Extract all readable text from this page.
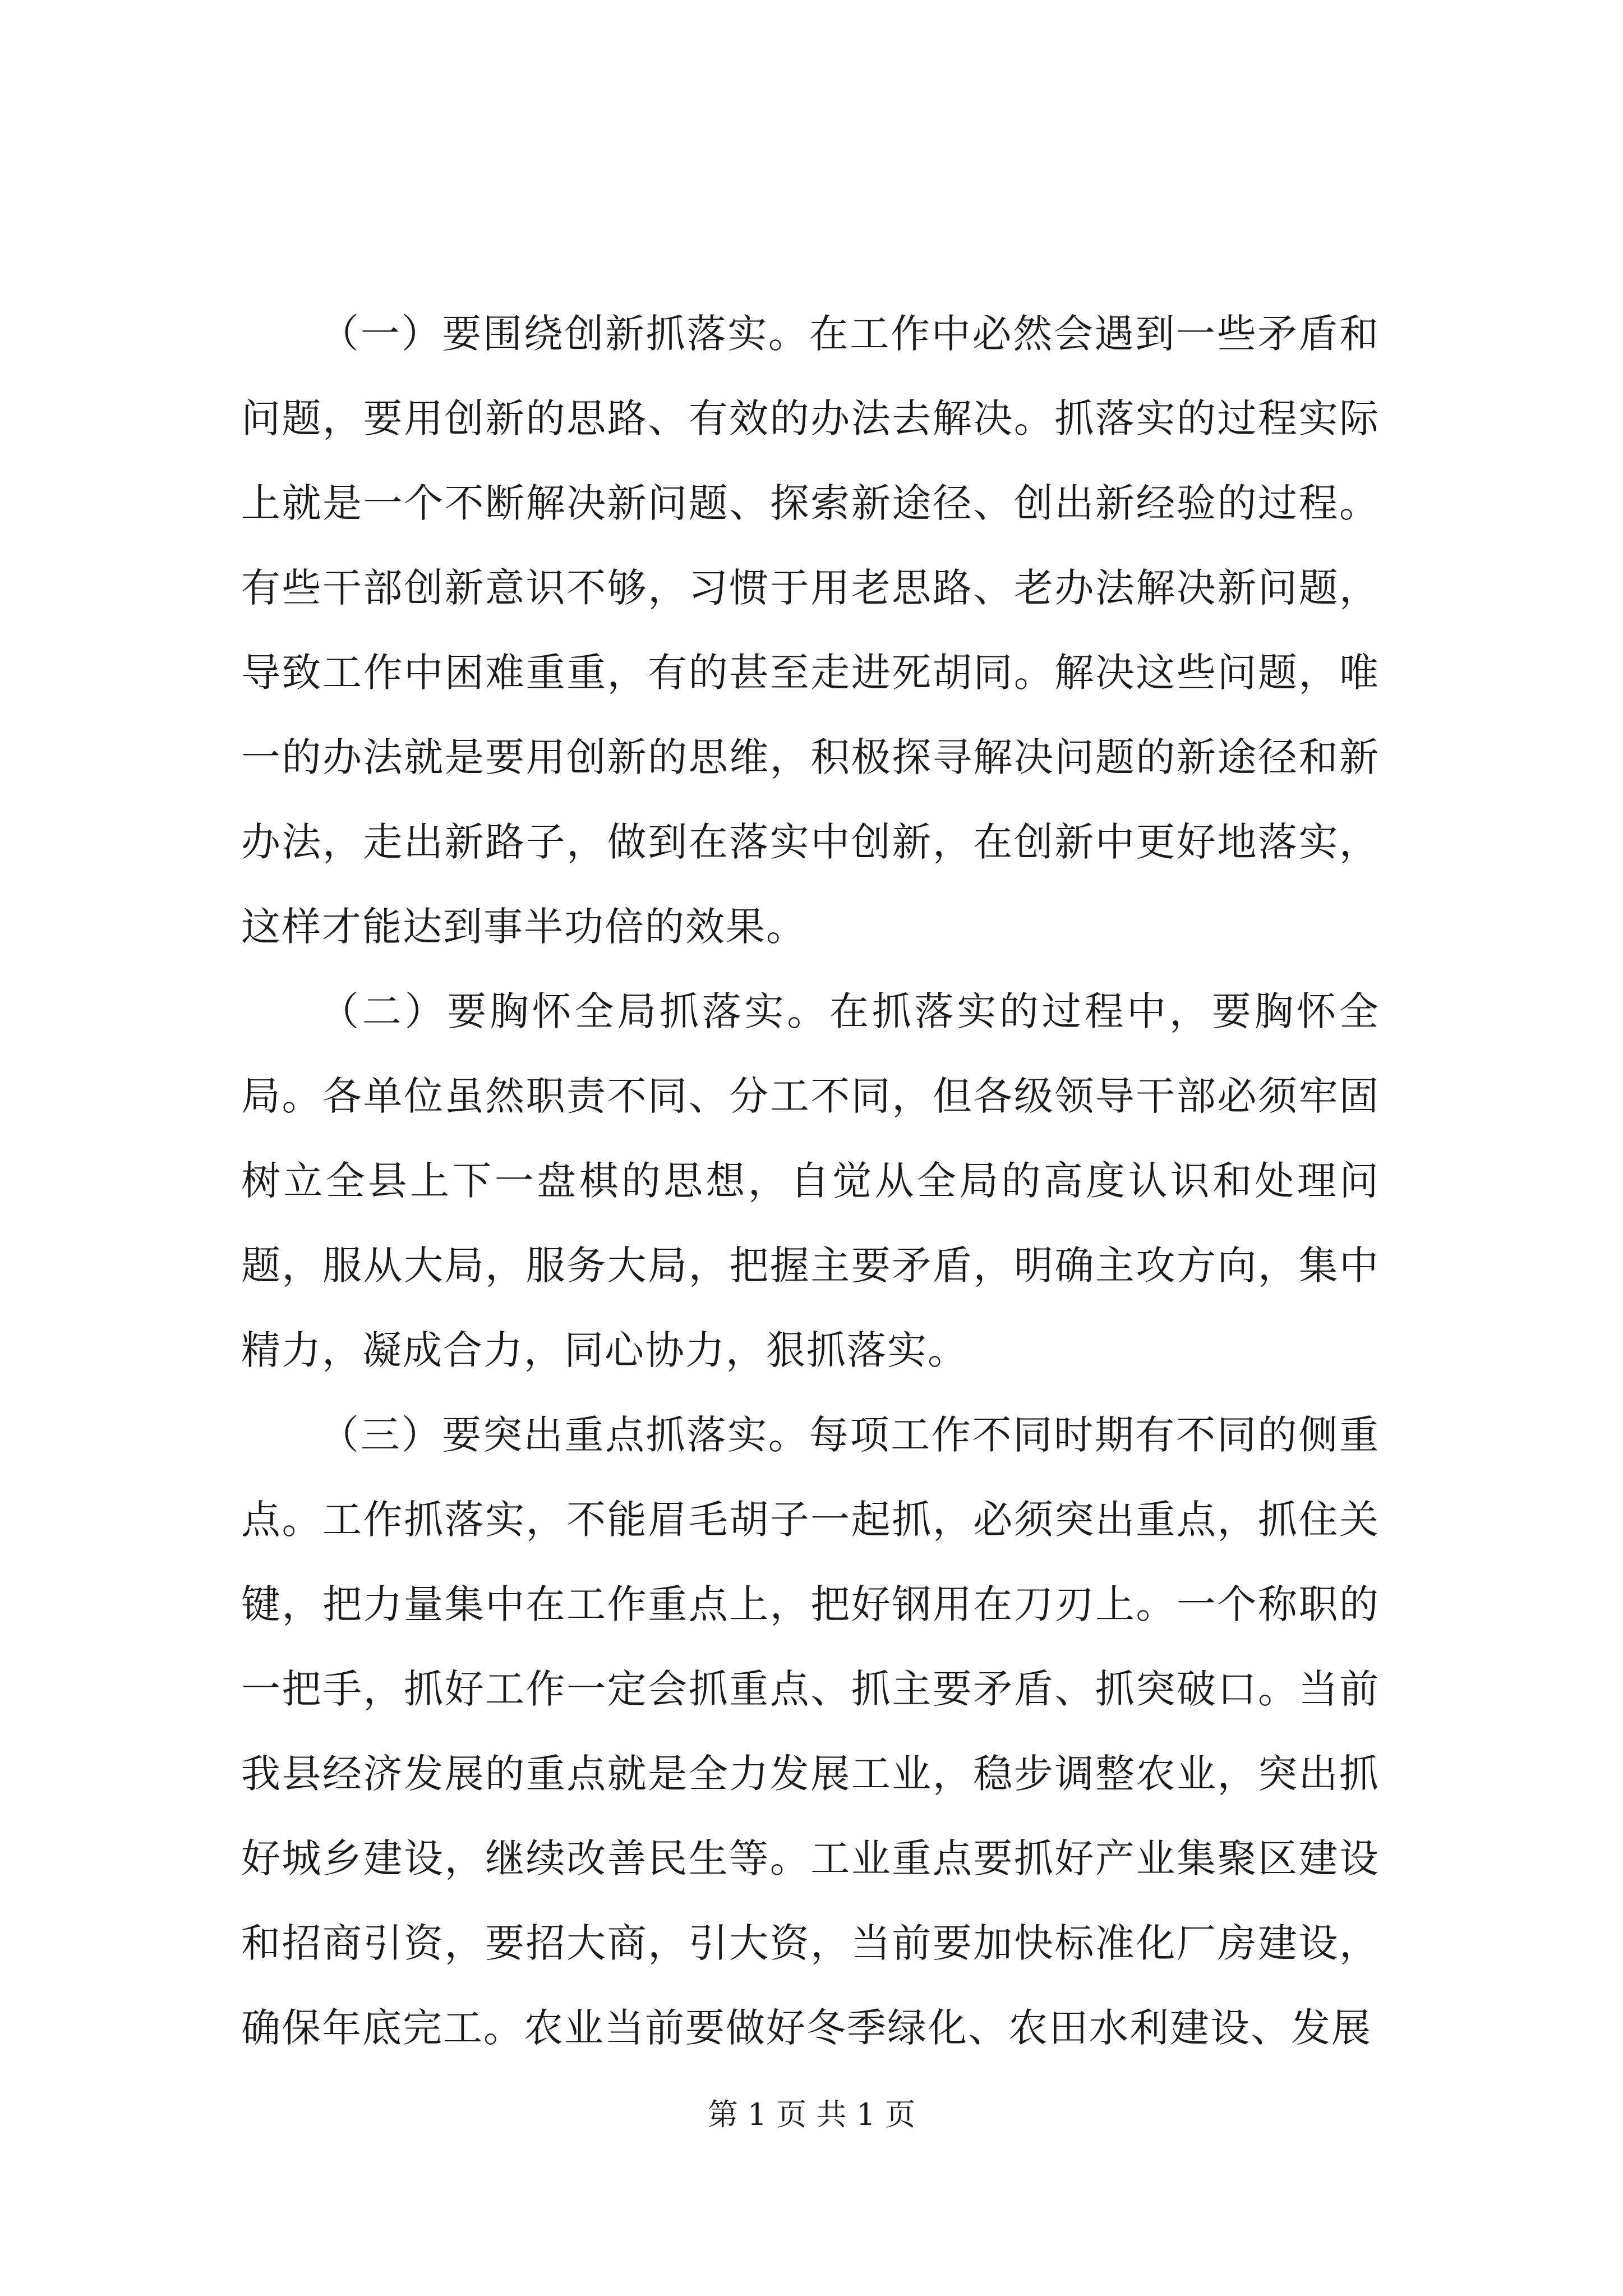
（一）要围绕创新抓落实。在工作中必然会遇到一些矛盾和问题，要用创新的思路、有效的办法去解决。抓落实的过程实际上就是一个不断解决新问题、探索新途径、创出新经验的过程。有些干部创新意识不够，习惯于用老思路、老办法解决新问题，导致工作中困难重重，有的甚至走进死胡同。解决这些问题，唯一的办法就是要用创新的思维，积极探寻解决问题的新途径和新办法，走出新路子，做到在落实中创新，在创新中更好地落实，这样才能达到事半功倍的效果。

（二）要胸怀全局抓落实。在抓落实的过程中，要胸怀全局。各单位虽然职责不同、分工不同，但各级领导干部必须牢固树立全县上下一盘棋的思想，自觉从全局的高度认识和处理问题，服从大局，服务大局，把握主要矛盾，明确主攻方向，集中精力，凝成合力，同心协力，狠抓落实。

（三）要突出重点抓落实。每项工作不同时期有不同的侧重点。工作抓落实，不能眉毛胡子一起抓，必须突出重点，抓住关键，把力量集中在工作重点上，把好钢用在刀刃上。一个称职的一把手，抓好工作一定会抓重点、抓主要矛盾、抓突破口。当前我县经济发展的重点就是全力发展工业，稳步调整农业，突出抓好城乡建设，继续改善民生等。工业重点要抓好产业集聚区建设和招商引资，要招大商，引大资，当前要加快标准化厂房建设，确保年底完工。农业当前要做好冬季绿化、农田水利建设、发展

第 1 页 共 1 页
